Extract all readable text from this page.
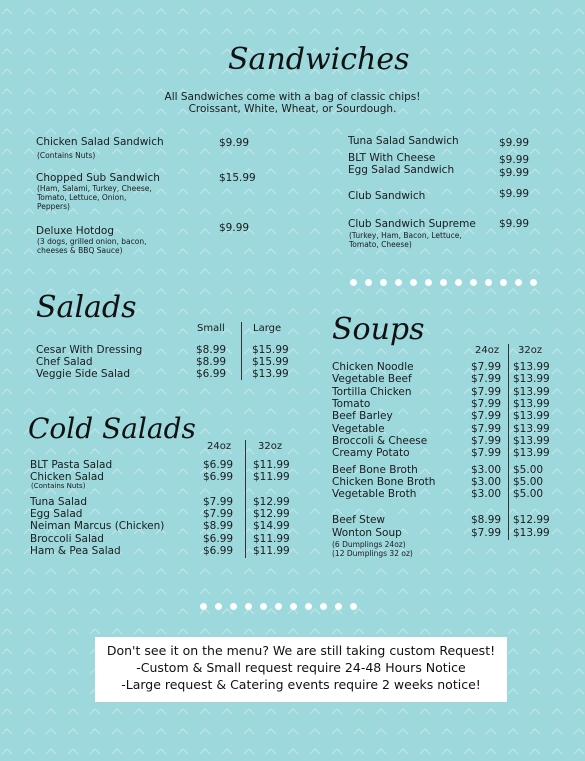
Sandwiches
All Sandwiches come with a bag of classic chips!
Croissant, White, Wheat, or Sourdough.
Chicken Salad Sandwich
(Contains Nuts)
$9.99
Chopped Sub Sandwich
(Ham, Salami, Turkey, Cheese,
Tomato, Lettuce, Onion,
Peppers)
$15.99
Deluxe Hotdog
(3 dogs, grilled onion, bacon,
cheeses & BBQ Sauce)
$9.99
Tuna Salad Sandwich	$9.99
BLT With Cheese	$9.99
Egg Salad Sandwich	$9.99
Club Sandwich	$9.99
Club Sandwich Supreme
(Turkey, Ham, Bacon, Lettuce,
Tomato, Cheese)
$9.99
Salads
Small	Large
Cesar With Dressing	$8.99 $15.99
Chef Salad	$8.99 $15.99
Veggie Side Salad	$6.99 $13.99
Cold Salads
24oz	32oz
BLT Pasta Salad	$6.99 $11.99
Chicken Salad
(Contains Nuts)
$6.99 $11.99
Tuna Salad	$7.99 $12.99
Egg Salad	$7.99 $12.99
Neiman Marcus (Chicken)	$8.99 $14.99
Broccoli Salad	$6.99 $11.99
Ham & Pea Salad	$6.99 $11.99
Soups
24oz 32oz
Chicken Noodle	$7.99 $13.99
Vegetable Beef	$7.99 $13.99
Tortilla Chicken	$7.99 $13.99
Tomato	$7.99 $13.99
Beef Barley	$7.99 $13.99
Vegetable	$7.99 $13.99
Broccoli & Cheese	$7.99 $13.99
Creamy Potato	$7.99 $13.99
Beef Bone Broth	$3.00 $5.00
Chicken Bone Broth	$3.00 $5.00
Vegetable Broth	$3.00 $5.00
Beef Stew	$8.99 $12.99
Wonton Soup
(6 Dumplings 24oz)
(12 Dumplings 32 oz)
$7.99 $13.99
Don't see it on the menu? We are still taking custom Request!
-Custom & Small request require 24-48 Hours Notice
-Large request & Catering events require 2 weeks notice!
